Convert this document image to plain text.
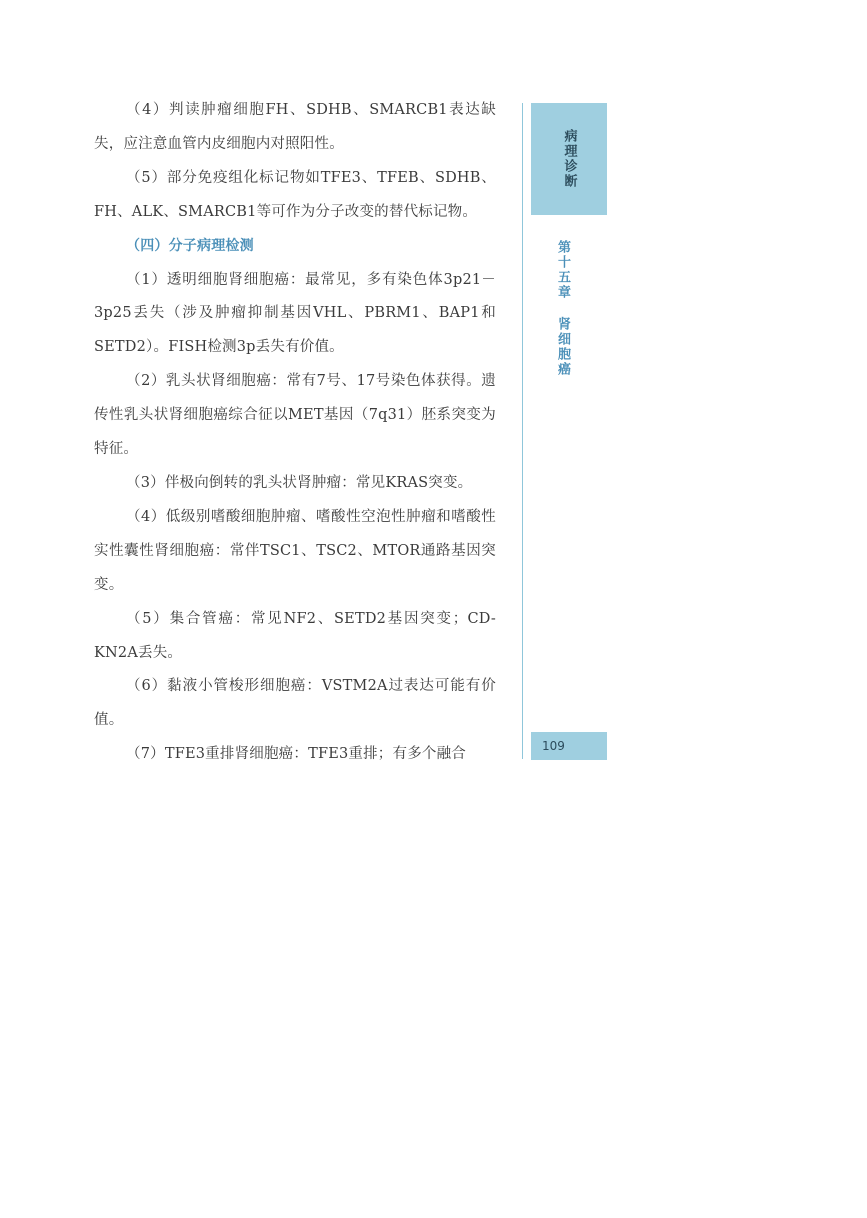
（4）判读肿瘤细胞FH、SDHB、SMARCB1表达缺失，应注意血管内皮细胞内对照阳性。

（5）部分免疫组化标记物如TFE3、TFEB、SDHB、FH、ALK、SMARCB1等可作为分子改变的替代标记物。

（四）分子病理检测

（1）透明细胞肾细胞癌：最常见，多有染色体3p21－3p25丢失（涉及肿瘤抑制基因VHL、PBRM1、BAP1和SETD2）。FISH检测3p丢失有价值。

（2）乳头状肾细胞癌：常有7号、17号染色体获得。遗传性乳头状肾细胞癌综合征以MET基因（7q31）胚系突变为特征。

（3）伴极向倒转的乳头状肾肿瘤：常见KRAS突变。

（4）低级别嗜酸细胞肿瘤、嗜酸性空泡性肿瘤和嗜酸性实性囊性肾细胞癌：常伴TSC1、TSC2、MTOR通路基因突变。

（5）集合管癌：常见NF2、SETD2基因突变；CD-KN2A丢失。

（6）黏液小管梭形细胞癌：VSTM2A过表达可能有价值。

（7）TFE3重排肾细胞癌：TFE3重排；有多个融合

病理诊断
第十五章 肾细胞癌
109
